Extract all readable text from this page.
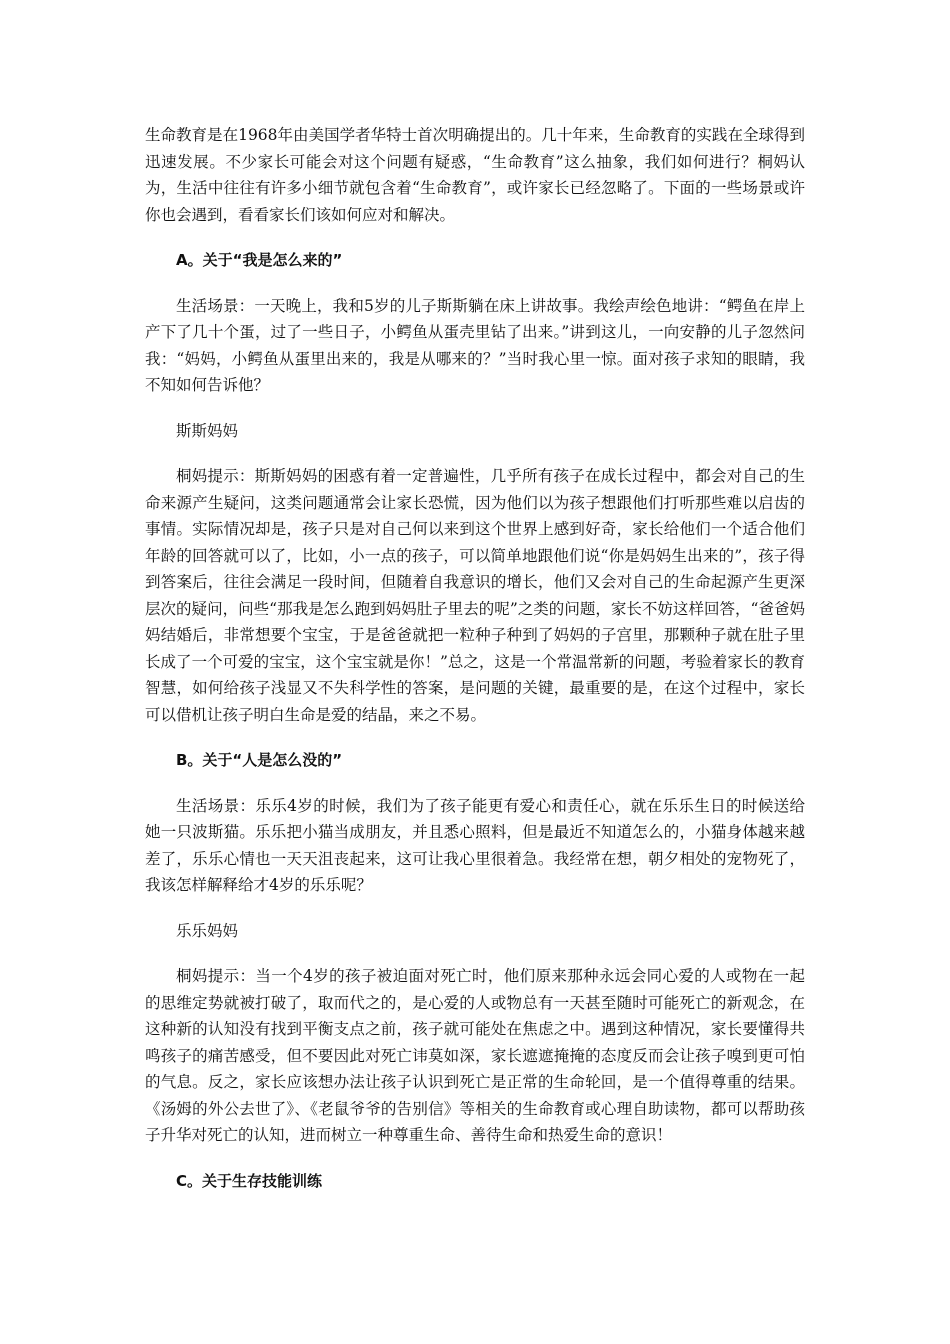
生命教育是在1968年由美国学者华特士首次明确提出的。几十年来，生命教育的实践在全球得到迅速发展。不少家长可能会对这个问题有疑惑，“生命教育”这么抽象，我们如何进行？桐妈认为，生活中往往有许多小细节就包含着“生命教育”，或许家长已经忽略了。下面的一些场景或许你也会遇到，看看家长们该如何应对和解决。

A。关于“我是怎么来的”

生活场景：一天晚上，我和5岁的儿子斯斯躺在床上讲故事。我绘声绘色地讲：“鳄鱼在岸上产下了几十个蛋，过了一些日子，小鳄鱼从蛋壳里钻了出来。”讲到这儿，一向安静的儿子忽然问我：“妈妈，小鳄鱼从蛋里出来的，我是从哪来的？”当时我心里一惊。面对孩子求知的眼睛，我不知如何告诉他？

斯斯妈妈

桐妈提示：斯斯妈妈的困惑有着一定普遍性，几乎所有孩子在成长过程中，都会对自己的生命来源产生疑问，这类问题通常会让家长恐慌，因为他们以为孩子想跟他们打听那些难以启齿的事情。实际情况却是，孩子只是对自己何以来到这个世界上感到好奇，家长给他们一个适合他们年龄的回答就可以了，比如，小一点的孩子，可以简单地跟他们说“你是妈妈生出来的”，孩子得到答案后，往往会满足一段时间，但随着自我意识的增长，他们又会对自己的生命起源产生更深层次的疑问，问些“那我是怎么跑到妈妈肚子里去的呢”之类的问题，家长不妨这样回答，“爸爸妈妈结婚后，非常想要个宝宝，于是爸爸就把一粒种子种到了妈妈的子宫里，那颗种子就在肚子里长成了一个可爱的宝宝，这个宝宝就是你！”总之，这是一个常温常新的问题，考验着家长的教育智慧，如何给孩子浅显又不失科学性的答案，是问题的关键，最重要的是，在这个过程中，家长可以借机让孩子明白生命是爱的结晶，来之不易。

B。关于“人是怎么没的”

生活场景：乐乐4岁的时候，我们为了孩子能更有爱心和责任心，就在乐乐生日的时候送给她一只波斯猫。乐乐把小猫当成朋友，并且悉心照料，但是最近不知道怎么的，小猫身体越来越差了，乐乐心情也一天天沮丧起来，这可让我心里很着急。我经常在想，朝夕相处的宠物死了，我该怎样解释给才4岁的乐乐呢？

乐乐妈妈

桐妈提示：当一个4岁的孩子被迫面对死亡时，他们原来那种永远会同心爱的人或物在一起的思维定势就被打破了，取而代之的，是心爱的人或物总有一天甚至随时可能死亡的新观念，在这种新的认知没有找到平衡支点之前，孩子就可能处在焦虑之中。遇到这种情况，家长要懂得共鸣孩子的痛苦感受，但不要因此对死亡讳莫如深，家长遮遮掩掩的态度反而会让孩子嗅到更可怕的气息。反之，家长应该想办法让孩子认识到死亡是正常的生命轮回，是一个值得尊重的结果。《汤姆的外公去世了》、《老鼠爷爷的告别信》等相关的生命教育或心理自助读物，都可以帮助孩子升华对死亡的认知，进而树立一种尊重生命、善待生命和热爱生命的意识！

C。关于生存技能训练
